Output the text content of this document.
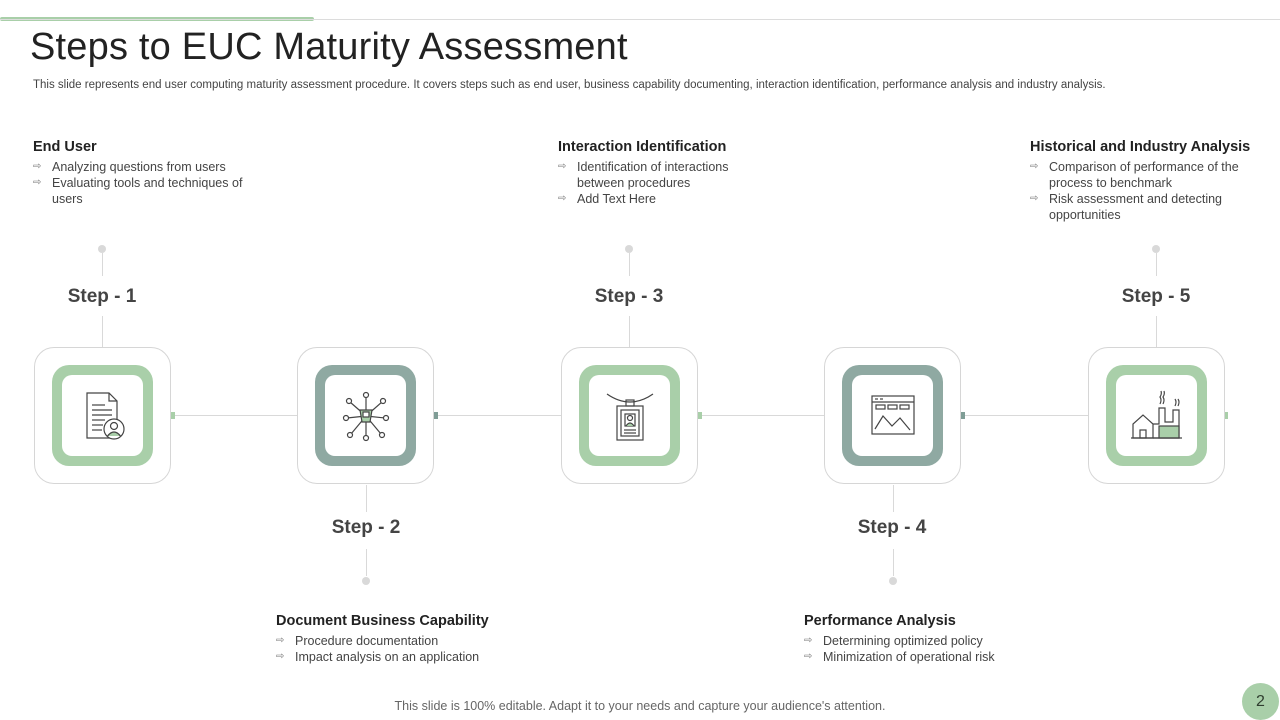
Steps to EUC Maturity Assessment
This slide represents end user computing maturity assessment procedure. It covers steps such as end user, business capability documenting, interaction identification, performance analysis and industry analysis.
End User
⇨ Analyzing questions from users
⇨ Evaluating tools and techniques of users
Interaction Identification
⇨ Identification of interactions between procedures
⇨ Add Text Here
Historical and Industry Analysis
⇨ Comparison of performance of the process to benchmark
⇨ Risk assessment and detecting opportunities
Document Business Capability
⇨ Procedure documentation
⇨ Impact analysis on an application
Performance Analysis
⇨ Determining optimized policy
⇨ Minimization of operational risk
Step - 1
Step - 2
Step - 3
Step - 4
Step - 5
This slide is 100% editable. Adapt it to your needs and capture your audience's attention.	2
